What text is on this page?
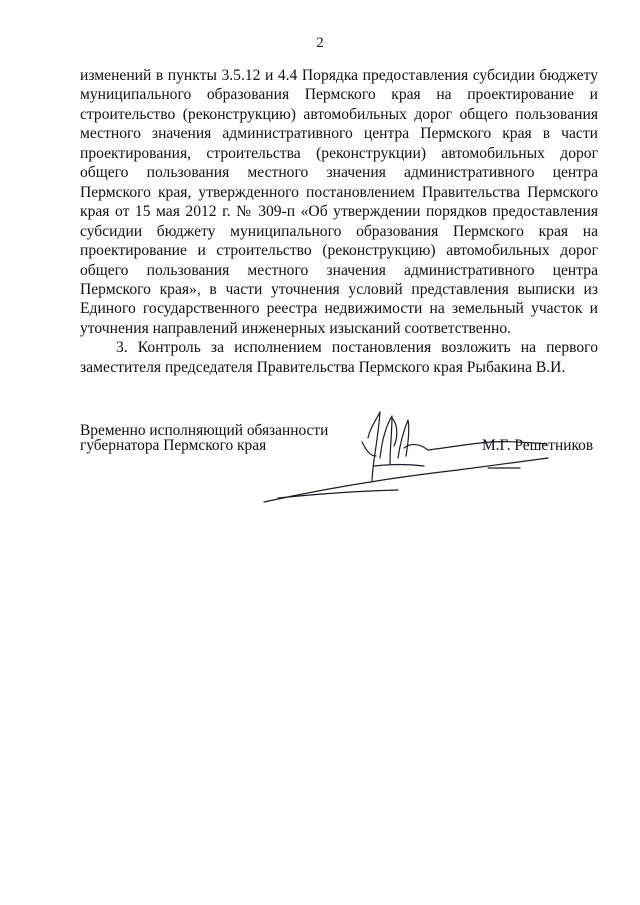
2

изменений в пункты 3.5.12 и 4.4 Порядка предоставления субсидии бюджету муниципального образования Пермского края на проектирование и строительство (реконструкцию) автомобильных дорог общего пользования местного значения административного центра Пермского края в части проектирования, строительства (реконструкции) автомобильных дорог общего пользования местного значения административного центра Пермского края, утвержденного постановлением Правительства Пермского края от 15 мая 2012 г. № 309-п «Об утверждении порядков предоставления субсидии бюджету муниципального образования Пермского края на проектирование и строительство (реконструкцию) автомобильных дорог общего пользования местного значения административного центра Пермского края», в части уточнения условий представления выписки из Единого государственного реестра недвижимости на земельный участок и уточнения направлений инженерных изысканий соответственно.

3. Контроль за исполнением постановления возложить на первого заместителя председателя Правительства Пермского края Рыбакина В.И.

Временно исполняющий обязанности
губернатора Пермского края	М.Г. Решетников
